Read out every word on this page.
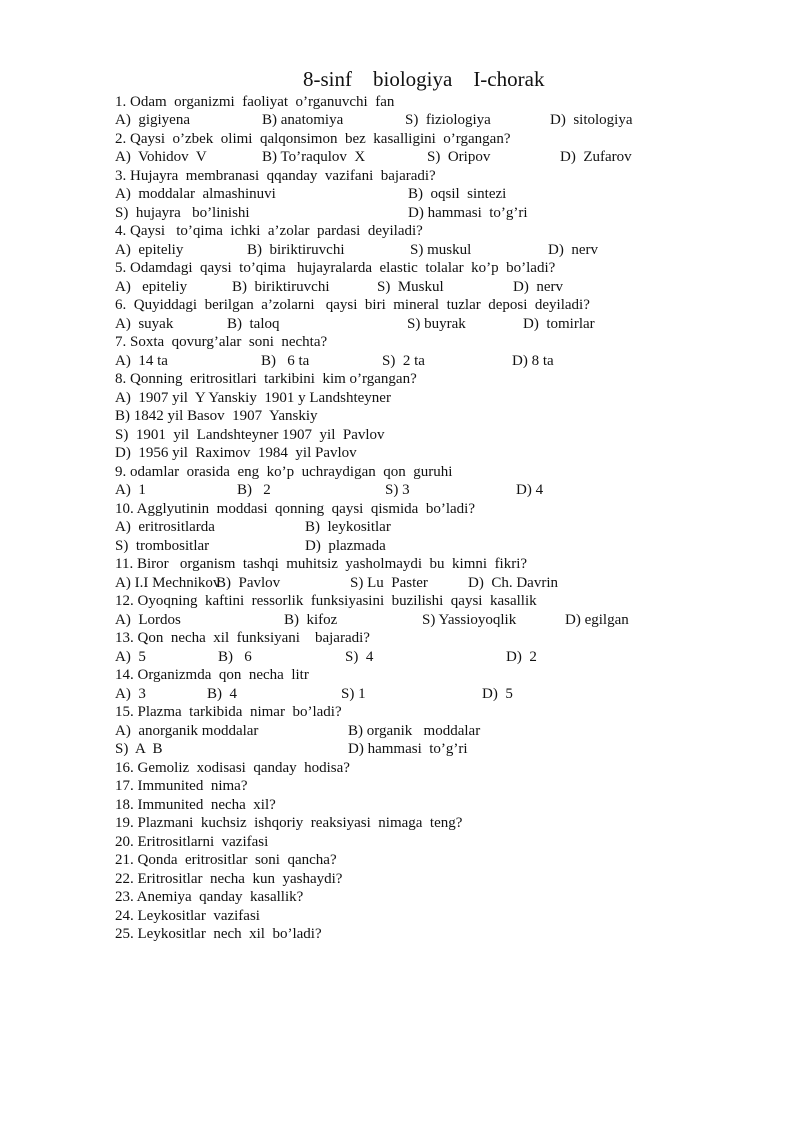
8-sinf    biologiya    I-chorak
1. Odam  organizmi  faoliyat  o’rganuvchi  fan
A)  gigiyena	B) anatomiya	S)  fiziologiya	D)  sitologiya
2. Qaysi  o’zbek  olimi  qalqonsimon  bez  kasalligini  o’rgangan?
A)  Vohidov  V	B) To’raqulov  X	S)  Oripov	D)  Zufarov
3. Hujayra  membranasi  qqanday  vazifani  bajaradi?
A)  moddalar  almashinuvi	B)  oqsil  sintezi
S)  hujayra   bo’linishi	D) hammasi  to’g’ri
4. Qaysi   to’qima  ichki  a’zolar  pardasi  deyiladi?
A)  epiteliy	B)  biriktiruvchi	S) muskul	D)  nerv
5. Odamdagi  qaysi  to’qima   hujayralarda  elastic  tolalar  ko’p  bo’ladi?
A)   epiteliy	B)  biriktiruvchi	S)  Muskul	D)  nerv
6.  Quyiddagi  berilgan  a’zolarni   qaysi  biri  mineral  tuzlar  deposi  deyiladi?
A)  suyak	B)  taloq	S) buyrak	D)  tomirlar
7. Soxta  qovurg’alar  soni  nechta?
A)  14 ta	B)   6 ta	S)  2 ta	D) 8 ta
8. Qonning  eritrositlari  tarkibini  kim o’rgangan?
A)  1907 yil  Y Yanskiy  1901 y Landshteyner
B) 1842 yil Basov  1907  Yanskiy
S)  1901  yil  Landshteyner 1907  yil  Pavlov
D)  1956 yil  Raximov  1984  yil Pavlov
9. odamlar  orasida  eng  ko’p  uchraydigan  qon  guruhi
A)  1	B)   2	S) 3	D) 4
10. Agglyutinin  moddasi  qonning  qaysi  qismida  bo’ladi?
A)  eritrositlarda	B)  leykositlar
S)  trombositlar	D)  plazmada
11. Biror   organism  tashqi  muhitsiz  yasholmaydi  bu  kimni  fikri?
A) I.I Mechnikov
B)  Pavlov	S) Lu  Paster	D)  Ch. Davrin
12. Oyoqning  kaftini  ressorlik  funksiyasini  buzilishi  qaysi  kasallik
A)  Lordos	B)  kifoz	S) Yassioyoqlik	D) egilgan
13. Qon  necha  xil  funksiyani    bajaradi?
A)  5	B)   6	S)  4	D)  2
14. Organizmda  qon  necha  litr
A)  3	B)  4	S) 1	D)  5
15. Plazma  tarkibida  nimar  bo’ladi?
A)  anorganik moddalar	B) organik   moddalar
S)  A  B	D) hammasi  to’g’ri
16. Gemoliz  xodisasi  qanday  hodisa?
17. Immunited  nima?
18. Immunited  necha  xil?
19. Plazmani  kuchsiz  ishqoriy  reaksiyasi  nimaga  teng?
20. Eritrositlarni  vazifasi
21. Qonda  eritrositlar  soni  qancha?
22. Eritrositlar  necha  kun  yashaydi?
23. Anemiya  qanday  kasallik?
24. Leykositlar  vazifasi
25. Leykositlar  nech  xil  bo’ladi?
